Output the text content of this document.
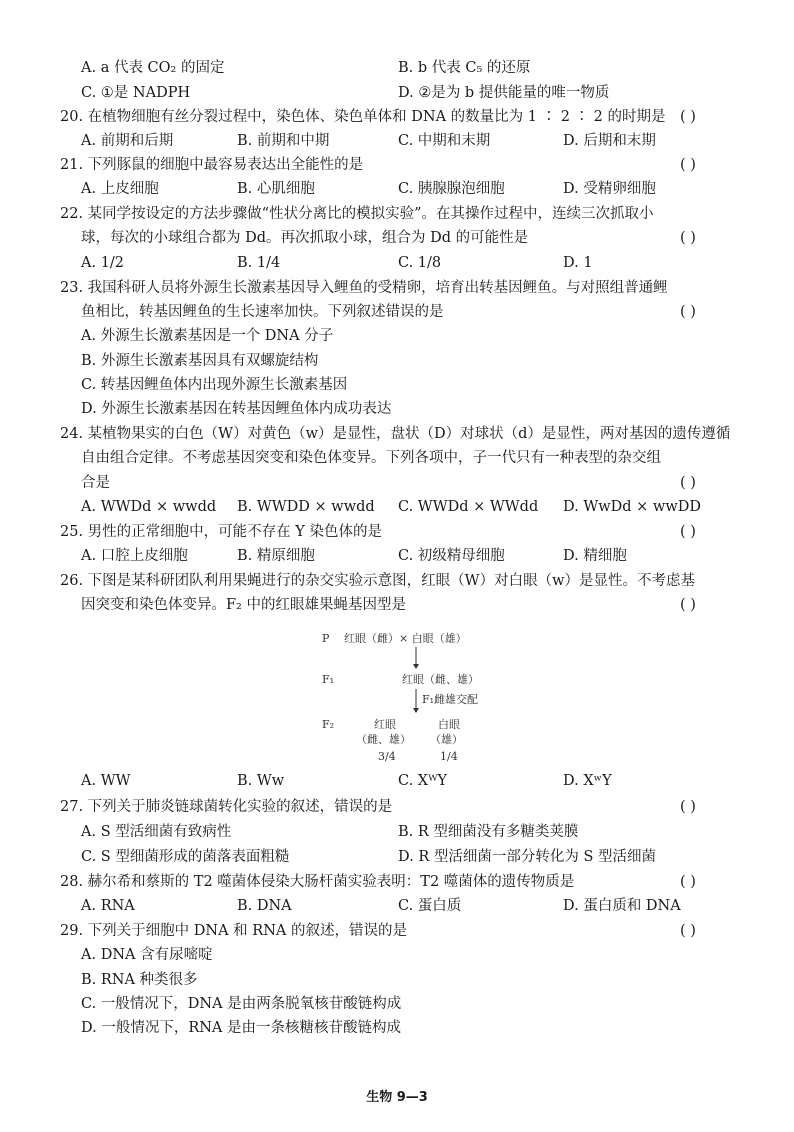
A. a 代表 CO₂ 的固定	B. b 代表 C₅ 的还原
C. ①是 NADPH	D. ②是为 b 提供能量的唯一物质
20. 在植物细胞有丝分裂过程中，染色体、染色单体和 DNA 的数量比为 1 ∶ 2 ∶ 2 的时期是 ( )
A. 前期和后期	B. 前期和中期	C. 中期和末期	D. 后期和末期
21. 下列豚鼠的细胞中最容易表达出全能性的是	( )
A. 上皮细胞	B. 心肌细胞	C. 胰腺腺泡细胞	D. 受精卵细胞
22. 某同学按设定的方法步骤做“性状分离比的模拟实验”。在其操作过程中，连续三次抓取小
球，每次的小球组合都为 Dd。再次抓取小球，组合为 Dd 的可能性是	( )
A. 1/2	B. 1/4	C. 1/8	D. 1
23. 我国科研人员将外源生长激素基因导入鲤鱼的受精卵，培育出转基因鲤鱼。与对照组普通鲤
鱼相比，转基因鲤鱼的生长速率加快。下列叙述错误的是	( )
A. 外源生长激素基因是一个 DNA 分子
B. 外源生长激素基因具有双螺旋结构
C. 转基因鲤鱼体内出现外源生长激素基因
D. 外源生长激素基因在转基因鲤鱼体内成功表达
24. 某植物果实的白色（W）对黄色（w）是显性，盘状（D）对球状（d）是显性，两对基因的遗传遵循
自由组合定律。不考虑基因突变和染色体变异。下列各项中，子一代只有一种表型的杂交组
合是	( )
A. WWDd × wwdd B. WWDD × wwdd C. WWDd × WWdd D. WwDd × wwDD
25. 男性的正常细胞中，可能不存在 Y 染色体的是	( )
A. 口腔上皮细胞	B. 精原细胞	C. 初级精母细胞	D. 精细胞
26. 下图是某科研团队利用果蝇进行的杂交实验示意图，红眼（W）对白眼（w）是显性。不考虑基
因突变和染色体变异。F₂ 中的红眼雄果蝇基因型是	( )
P 红眼（雌）× 白眼（雄）
F₁	红眼（雌、雄）
F₁雌雄交配
F₂	红眼	白眼
（雌、雄） （雄）
3/4	1/4
A. WW	B. Ww	C. XᵂY	D. XʷY
27. 下列关于肺炎链球菌转化实验的叙述，错误的是	( )
A. S 型活细菌有致病性	B. R 型细菌没有多糖类荚膜
C. S 型细菌形成的菌落表面粗糙	D. R 型活细菌一部分转化为 S 型活细菌
28. 赫尔希和蔡斯的 T2 噬菌体侵染大肠杆菌实验表明：T2 噬菌体的遗传物质是	( )
A. RNA	B. DNA	C. 蛋白质	D. 蛋白质和 DNA
29. 下列关于细胞中 DNA 和 RNA 的叙述，错误的是	( )
A. DNA 含有尿嘧啶
B. RNA 种类很多
C. 一般情况下，DNA 是由两条脱氧核苷酸链构成
D. 一般情况下，RNA 是由一条核糖核苷酸链构成
生物 9—3
